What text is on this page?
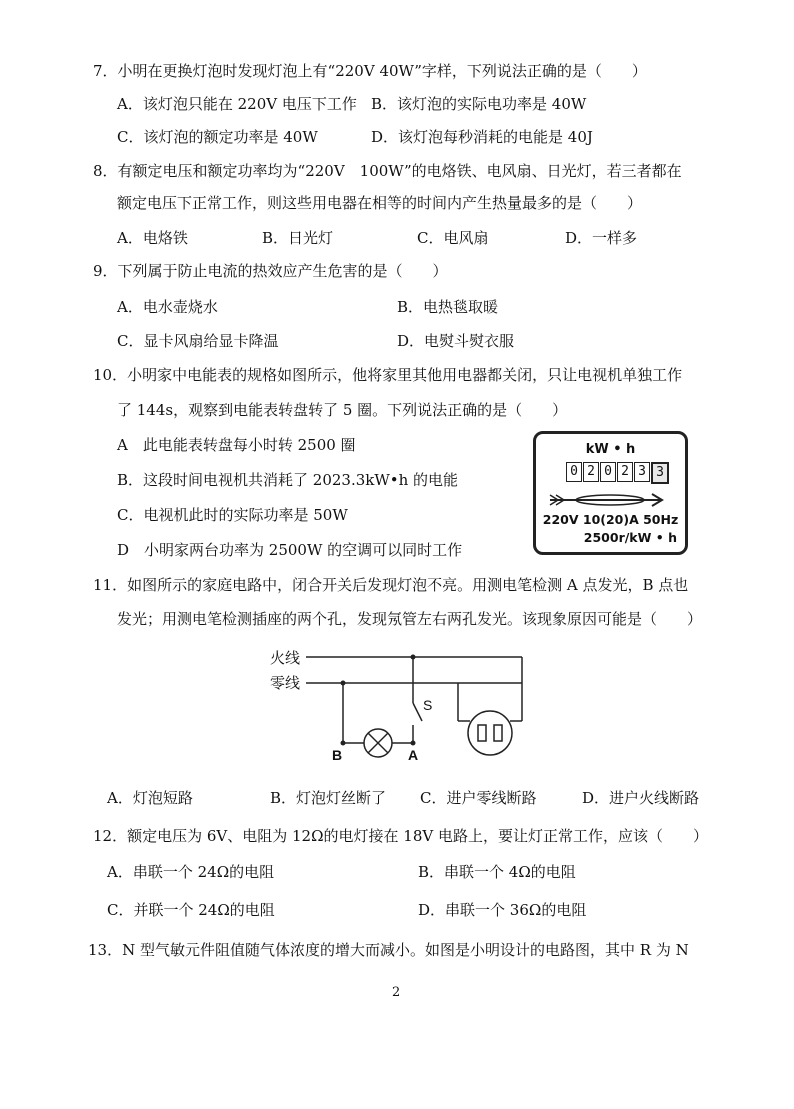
7．小明在更换灯泡时发现灯泡上有“220V 40W”字样，下列说法正确的是（　　）
A．该灯泡只能在 220V 电压下工作 B．该灯泡的实际电功率是 40W
C．该灯泡的额定功率是 40W	D．该灯泡每秒消耗的电能是 40J
8．有额定电压和额定功率均为“220V　100W”的电烙铁、电风扇、日光灯，若三者都在
额定电压下正常工作，则这些用电器在相等的时间内产生热量最多的是（　　）
A．电烙铁	B．日光灯	C．电风扇	D．一样多
9．下列属于防止电流的热效应产生危害的是（　　）
A．电水壶烧水	B．电热毯取暖
C．显卡风扇给显卡降温	D．电熨斗熨衣服
10．小明家中电能表的规格如图所示，他将家里其他用电器都关闭，只让电视机单独工作
了 144s，观察到电能表转盘转了 5 圈。下列说法正确的是（　　）
A　此电能表转盘每小时转 2500 圈
B．这段时间电视机共消耗了 2023.3kW•h 的电能
C．电视机此时的实际功率是 50W
D　小明家两台功率为 2500W 的空调可以同时工作
kW • h
0 2 0 2 3 3
220V 10(20)A 50Hz
2500r/kW • h
11．如图所示的家庭电路中，闭合开关后发现灯泡不亮。用测电笔检测 A 点发光，B 点也
发光；用测电笔检测插座的两个孔，发现氖管左右两孔发光。该现象原因可能是（　　）
火线
零线
S
B	A
A．灯泡短路	B．灯泡灯丝断了 C．进户零线断路	D．进户火线断路
12．额定电压为 6V、电阻为 12Ω的电灯接在 18V 电路上，要让灯正常工作，应该（　　）
A．串联一个 24Ω的电阻	B．串联一个 4Ω的电阻
C．并联一个 24Ω的电阻	D．串联一个 36Ω的电阻
13．N 型气敏元件阻值随气体浓度的增大而减小。如图是小明设计的电路图，其中 R 为 N
2
